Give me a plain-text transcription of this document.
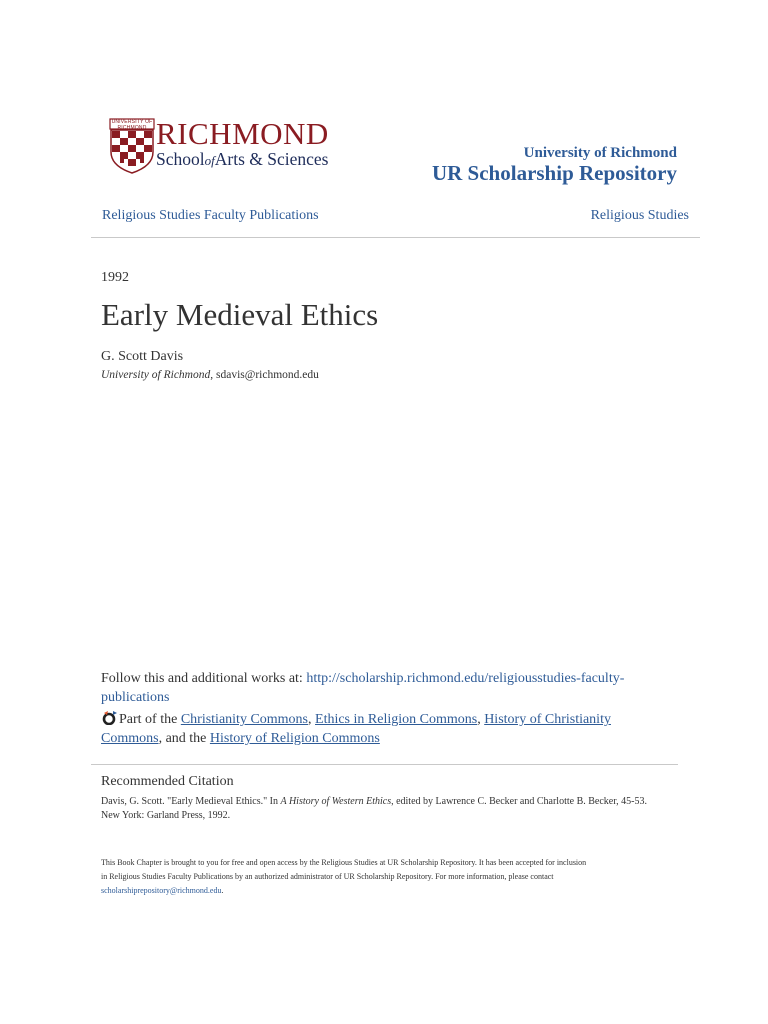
UNIVERSITY OF RICHMOND RICHMOND
SchoolofArts & Sciences	University of Richmond
UR Scholarship Repository
Religious Studies Faculty Publications	Religious Studies
1992
Early Medieval Ethics
G. Scott Davis
University of Richmond, sdavis@richmond.edu
Follow this and additional works at: http://scholarship.richmond.edu/religiousstudies-faculty-
publications
Part of the Christianity Commons, Ethics in Religion Commons, History of Christianity
Commons, and the History of Religion Commons
Recommended Citation
Davis, G. Scott. "Early Medieval Ethics." In A History of Western Ethics, edited by Lawrence C. Becker and Charlotte B. Becker, 45-53.
New York: Garland Press, 1992.
This Book Chapter is brought to you for free and open access by the Religious Studies at UR Scholarship Repository. It has been accepted for inclusion
in Religious Studies Faculty Publications by an authorized administrator of UR Scholarship Repository. For more information, please contact
scholarshiprepository@richmond.edu.
